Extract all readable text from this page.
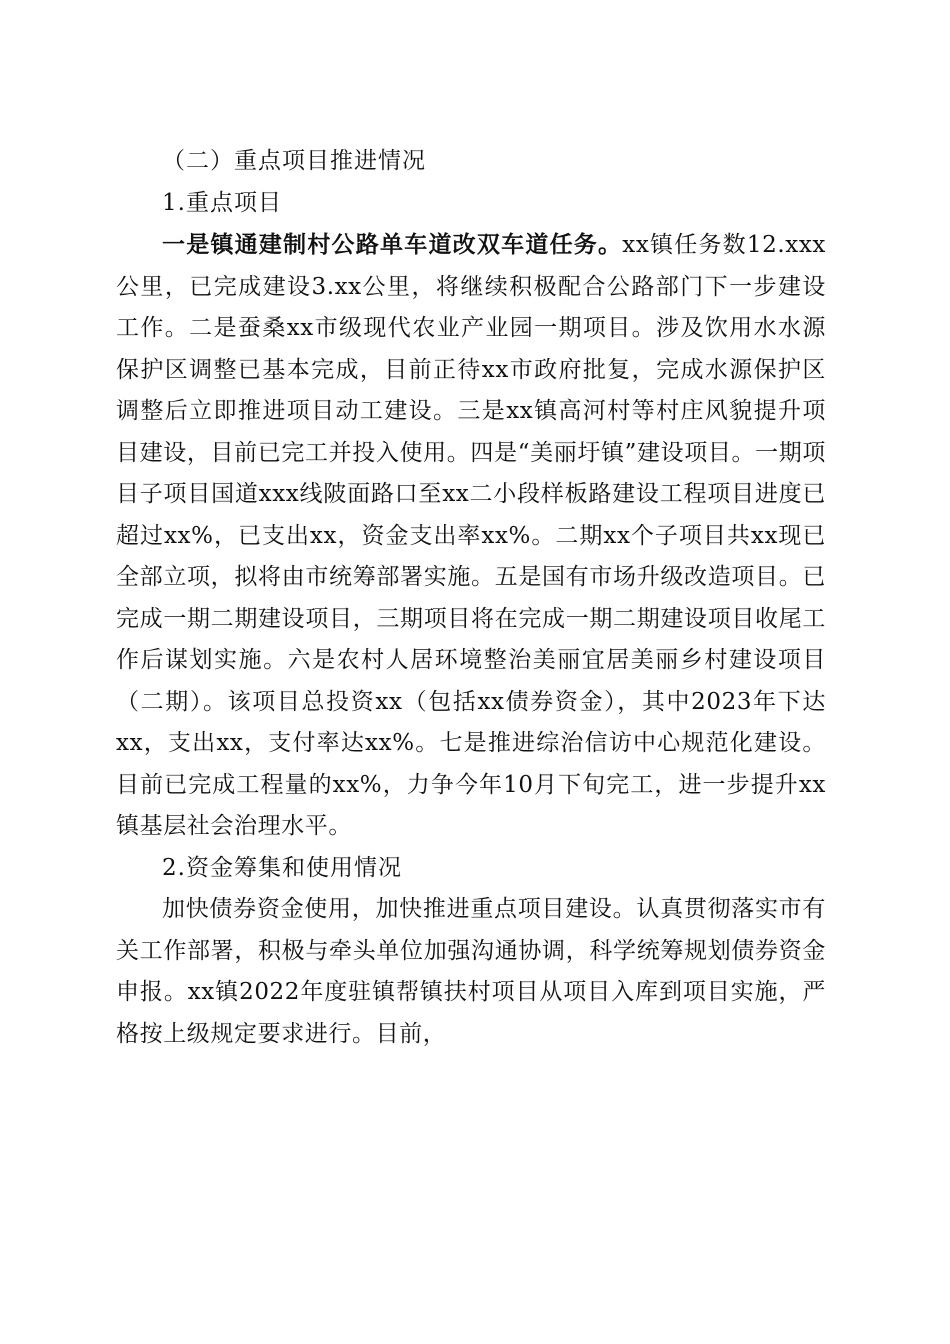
（二）重点项目推进情况

1.重点项目

一是镇通建制村公路单车道改双车道任务。xx镇任务数12.xxx公里，已完成建设3.xx公里，将继续积极配合公路部门下一步建设工作。二是蚕桑xx市级现代农业产业园一期项目。涉及饮用水水源保护区调整已基本完成，目前正待xx市政府批复，完成水源保护区调整后立即推进项目动工建设。三是xx镇高河村等村庄风貌提升项目建设，目前已完工并投入使用。四是“美丽圩镇”建设项目。一期项目子项目国道xxx线陂面路口至xx二小段样板路建设工程项目进度已超过xx%，已支出xx，资金支出率xx%。二期xx个子项目共xx现已全部立项，拟将由市统筹部署实施。五是国有市场升级改造项目。已完成一期二期建设项目，三期项目将在完成一期二期建设项目收尾工作后谋划实施。六是农村人居环境整治美丽宜居美丽乡村建设项目（二期）。该项目总投资xx（包括xx债券资金），其中2023年下达xx，支出xx，支付率达xx%。七是推进综治信访中心规范化建设。目前已完成工程量的xx%，力争今年10月下旬完工，进一步提升xx镇基层社会治理水平。

2.资金筹集和使用情况

加快债券资金使用，加快推进重点项目建设。认真贯彻落实市有关工作部署，积极与牵头单位加强沟通协调，科学统筹规划债券资金申报。xx镇2022年度驻镇帮镇扶村项目从项目入库到项目实施，严格按上级规定要求进行。目前，
